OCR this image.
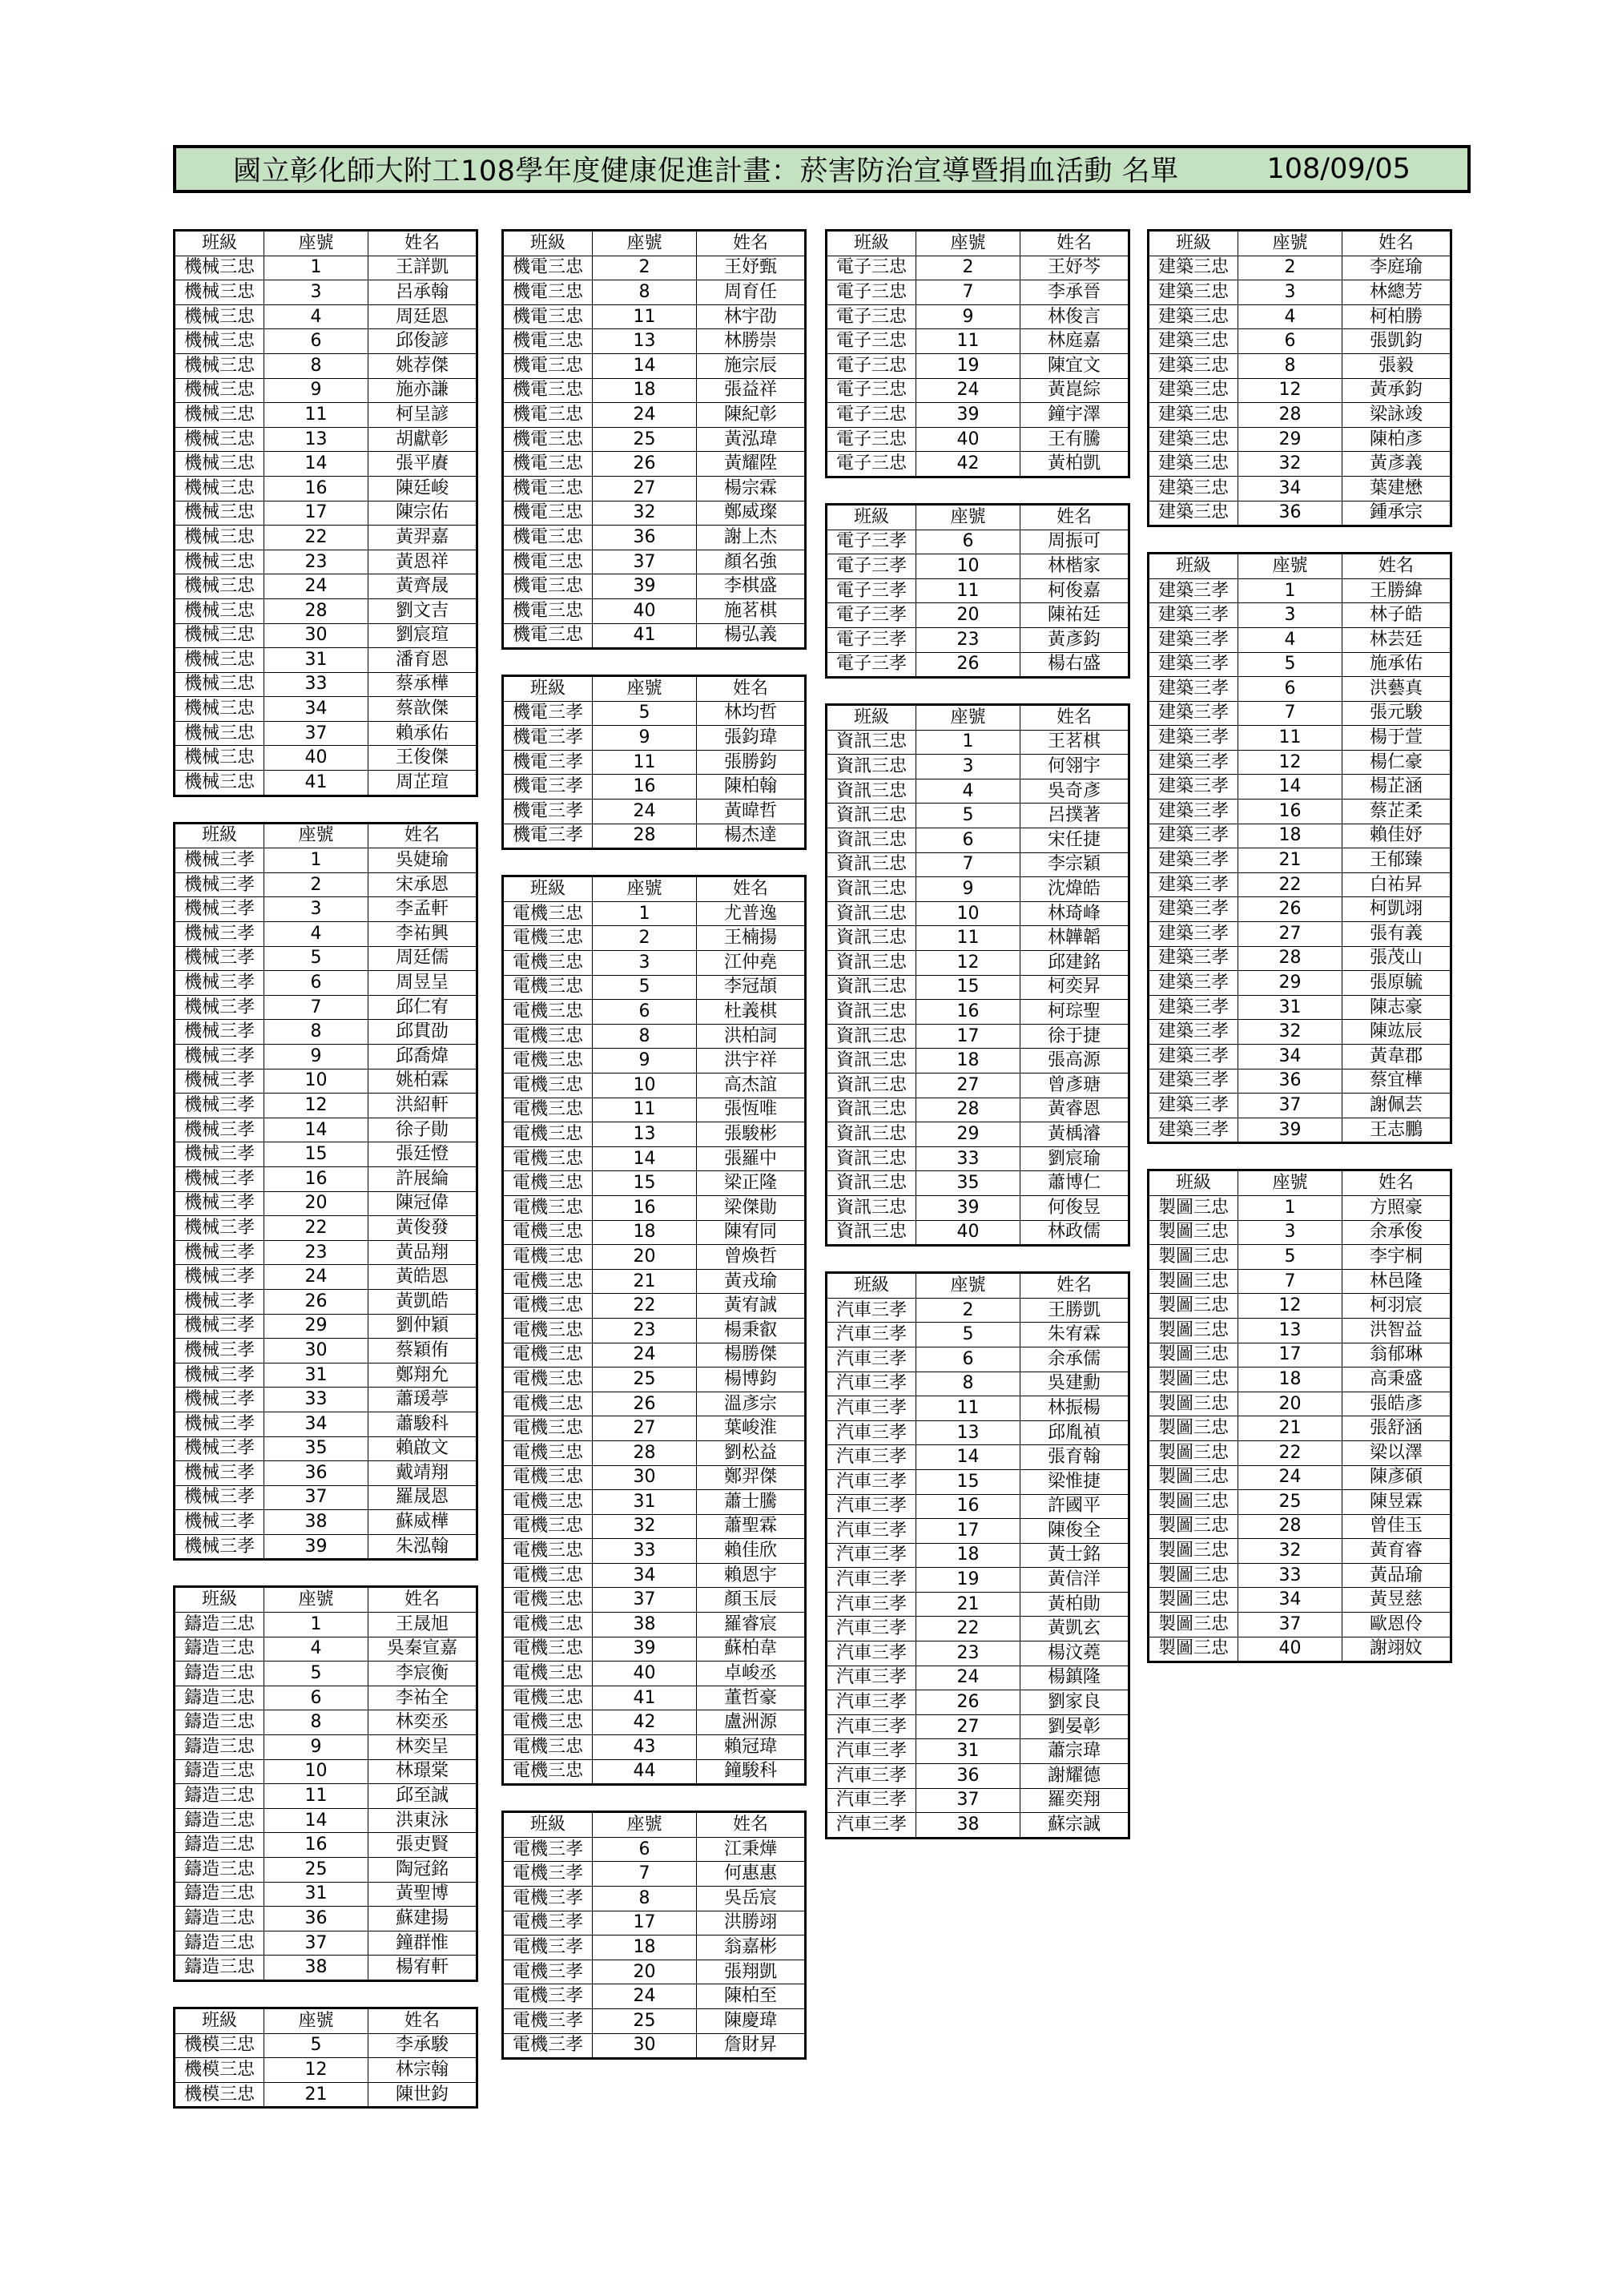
國立彰化師大附工108學年度健康促進計畫：菸害防治宣導暨捐血活動 名單	108/09/05
班級	座號	姓名
機械三忠	1	王詳凱
機械三忠	3	呂承翰
機械三忠	4	周廷恩
機械三忠	6	邱俊諺
機械三忠	8	姚荐傑
機械三忠	9	施亦謙
機械三忠	11	柯呈諺
機械三忠	13	胡獻彰
機械三忠	14	張平賡
機械三忠	16	陳廷峻
機械三忠	17	陳宗佑
機械三忠	22	黃羿嘉
機械三忠	23	黃恩祥
機械三忠	24	黃齊晟
機械三忠	28	劉文吉
機械三忠	30	劉宸瑄
機械三忠	31	潘育恩
機械三忠	33	蔡承樺
機械三忠	34	蔡歆傑
機械三忠	37	賴承佑
機械三忠	40	王俊傑
機械三忠	41	周芷瑄
班級	座號	姓名
機械三孝	1	吳婕瑜
機械三孝	2	宋承恩
機械三孝	3	李孟軒
機械三孝	4	李祐興
機械三孝	5	周廷儒
機械三孝	6	周昱呈
機械三孝	7	邱仁宥
機械三孝	8	邱貫劭
機械三孝	9	邱喬煒
機械三孝	10	姚柏霖
機械三孝	12	洪紹軒
機械三孝	14	徐子勛
機械三孝	15	張廷憕
機械三孝	16	許展綸
機械三孝	20	陳冠偉
機械三孝	22	黃俊發
機械三孝	23	黃品翔
機械三孝	24	黃皓恩
機械三孝	26	黃凱皓
機械三孝	29	劉仲穎
機械三孝	30	蔡穎侑
機械三孝	31	鄭翔允
機械三孝	33	蕭瑗葶
機械三孝	34	蕭駿科
機械三孝	35	賴啟文
機械三孝	36	戴靖翔
機械三孝	37	羅晟恩
機械三孝	38	蘇威樺
機械三孝	39	朱泓翰
班級	座號	姓名
鑄造三忠	1	王晟旭
鑄造三忠	4	吳秦宣嘉
鑄造三忠	5	李宸衡
鑄造三忠	6	李祐全
鑄造三忠	8	林奕丞
鑄造三忠	9	林奕呈
鑄造三忠	10	林璟棠
鑄造三忠	11	邱至誠
鑄造三忠	14	洪東泳
鑄造三忠	16	張吏賢
鑄造三忠	25	陶冠銘
鑄造三忠	31	黃聖博
鑄造三忠	36	蘇建揚
鑄造三忠	37	鐘群惟
鑄造三忠	38	楊宥軒
班級	座號	姓名
機模三忠	5	李承駿
機模三忠	12	林宗翰
機模三忠	21	陳世鈞
班級	座號	姓名
機電三忠	2	王妤甄
機電三忠	8	周育任
機電三忠	11	林宇劭
機電三忠	13	林勝崇
機電三忠	14	施宗辰
機電三忠	18	張益祥
機電三忠	24	陳紀彰
機電三忠	25	黃泓瑋
機電三忠	26	黃耀陞
機電三忠	27	楊宗霖
機電三忠	32	鄭威璨
機電三忠	36	謝上杰
機電三忠	37	顏名強
機電三忠	39	李棋盛
機電三忠	40	施茗棋
機電三忠	41	楊弘義
班級	座號	姓名
機電三孝	5	林均哲
機電三孝	9	張鈞瑋
機電三孝	11	張勝鈞
機電三孝	16	陳柏翰
機電三孝	24	黃暐哲
機電三孝	28	楊杰達
班級	座號	姓名
電機三忠	1	尤普逸
電機三忠	2	王楠揚
電機三忠	3	江仲堯
電機三忠	5	李冠頡
電機三忠	6	杜義棋
電機三忠	8	洪柏詞
電機三忠	9	洪宇祥
電機三忠	10	高杰誼
電機三忠	11	張恆唯
電機三忠	13	張駿彬
電機三忠	14	張羅中
電機三忠	15	梁正隆
電機三忠	16	梁傑勛
電機三忠	18	陳宥同
電機三忠	20	曾煥哲
電機三忠	21	黃戎瑜
電機三忠	22	黃宥誠
電機三忠	23	楊秉叡
電機三忠	24	楊勝傑
電機三忠	25	楊博鈞
電機三忠	26	溫彥宗
電機三忠	27	葉峻淮
電機三忠	28	劉松益
電機三忠	30	鄭羿傑
電機三忠	31	蕭士騰
電機三忠	32	蕭聖霖
電機三忠	33	賴佳欣
電機三忠	34	賴恩宇
電機三忠	37	顏玉辰
電機三忠	38	羅睿宸
電機三忠	39	蘇柏韋
電機三忠	40	卓峻丞
電機三忠	41	董哲豪
電機三忠	42	盧洲源
電機三忠	43	賴冠瑋
電機三忠	44	鐘駿科
班級	座號	姓名
電機三孝	6	江秉燁
電機三孝	7	何惠惠
電機三孝	8	吳岳宸
電機三孝	17	洪勝翊
電機三孝	18	翁嘉彬
電機三孝	20	張翔凱
電機三孝	24	陳柏至
電機三孝	25	陳慶瑋
電機三孝	30	詹財昇
班級	座號	姓名
電子三忠	2	王妤芩
電子三忠	7	李承晉
電子三忠	9	林俊言
電子三忠	11	林庭嘉
電子三忠	19	陳宜文
電子三忠	24	黃崑綜
電子三忠	39	鐘宇澤
電子三忠	40	王有騰
電子三忠	42	黃柏凱
班級	座號	姓名
電子三孝	6	周振可
電子三孝	10	林楷家
電子三孝	11	柯俊嘉
電子三孝	20	陳祐廷
電子三孝	23	黃彥鈞
電子三孝	26	楊右盛
班級	座號	姓名
資訊三忠	1	王茗棋
資訊三忠	3	何翎宇
資訊三忠	4	吳奇彥
資訊三忠	5	呂撲著
資訊三忠	6	宋任捷
資訊三忠	7	李宗穎
資訊三忠	9	沈煒皓
資訊三忠	10	林琦峰
資訊三忠	11	林韡韜
資訊三忠	12	邱建銘
資訊三忠	15	柯奕昇
資訊三忠	16	柯琮聖
資訊三忠	17	徐于捷
資訊三忠	18	張高源
資訊三忠	27	曾彥瑭
資訊三忠	28	黃睿恩
資訊三忠	29	黃楀濬
資訊三忠	33	劉宸瑜
資訊三忠	35	蕭博仁
資訊三忠	39	何俊昱
資訊三忠	40	林政儒
班級	座號	姓名
汽車三孝	2	王勝凱
汽車三孝	5	朱宥霖
汽車三孝	6	余承儒
汽車三孝	8	吳建勳
汽車三孝	11	林振楊
汽車三孝	13	邱胤禎
汽車三孝	14	張育翰
汽車三孝	15	梁惟捷
汽車三孝	16	許國平
汽車三孝	17	陳俊全
汽車三孝	18	黃士銘
汽車三孝	19	黃信洋
汽車三孝	21	黃柏勛
汽車三孝	22	黃凱玄
汽車三孝	23	楊汶蕘
汽車三孝	24	楊鎮隆
汽車三孝	26	劉家良
汽車三孝	27	劉晏彰
汽車三孝	31	蕭宗瑋
汽車三孝	36	謝耀德
汽車三孝	37	羅奕翔
汽車三孝	38	蘇宗誠
班級	座號	姓名
建築三忠	2	李庭瑜
建築三忠	3	林總芳
建築三忠	4	柯柏勝
建築三忠	6	張凱鈞
建築三忠	8	張毅
建築三忠	12	黃承鈞
建築三忠	28	梁詠竣
建築三忠	29	陳柏彥
建築三忠	32	黃彥義
建築三忠	34	葉建懋
建築三忠	36	鍾承宗
班級	座號	姓名
建築三孝	1	王勝緯
建築三孝	3	林子皓
建築三孝	4	林芸廷
建築三孝	5	施承佑
建築三孝	6	洪藝真
建築三孝	7	張元駿
建築三孝	11	楊于萱
建築三孝	12	楊仁豪
建築三孝	14	楊芷涵
建築三孝	16	蔡芷柔
建築三孝	18	賴佳妤
建築三孝	21	王郁臻
建築三孝	22	白祐昇
建築三孝	26	柯凱翊
建築三孝	27	張有義
建築三孝	28	張茂山
建築三孝	29	張原毓
建築三孝	31	陳志豪
建築三孝	32	陳竑辰
建築三孝	34	黃韋郡
建築三孝	36	蔡宜樺
建築三孝	37	謝佩芸
建築三孝	39	王志鵬
班級	座號	姓名
製圖三忠	1	方照豪
製圖三忠	3	余承俊
製圖三忠	5	李宇桐
製圖三忠	7	林邑隆
製圖三忠	12	柯羽宸
製圖三忠	13	洪智益
製圖三忠	17	翁郁琳
製圖三忠	18	高秉盛
製圖三忠	20	張皓彥
製圖三忠	21	張舒涵
製圖三忠	22	梁以澤
製圖三忠	24	陳彥碩
製圖三忠	25	陳昱霖
製圖三忠	28	曾佳玉
製圖三忠	32	黃育睿
製圖三忠	33	黃品瑜
製圖三忠	34	黃昱慈
製圖三忠	37	歐恩伶
製圖三忠	40	謝翊妏
